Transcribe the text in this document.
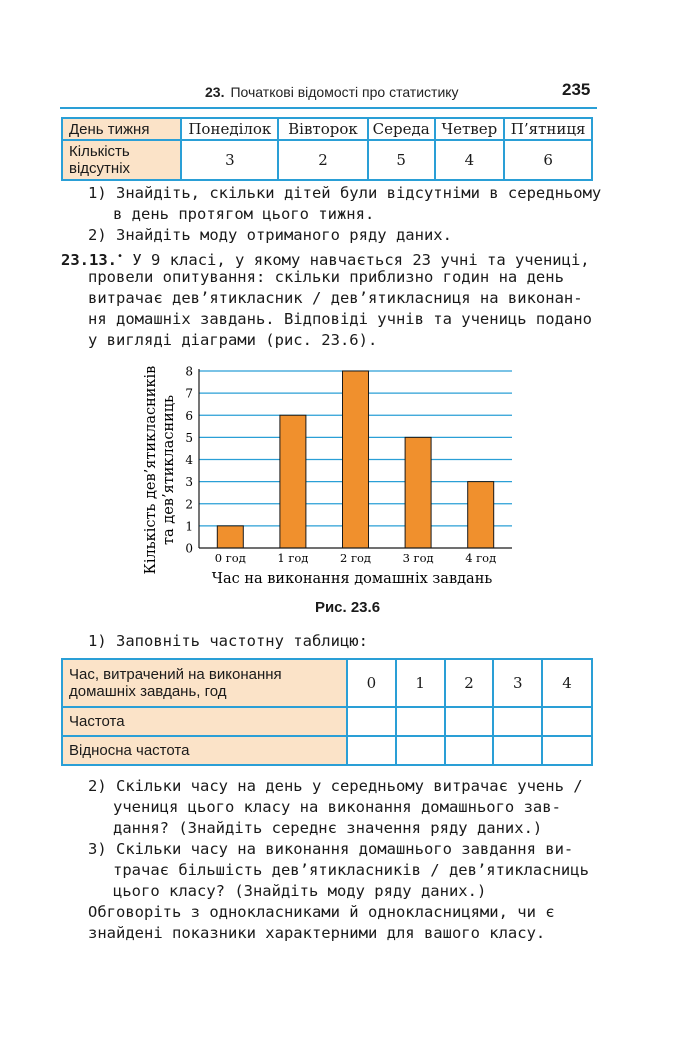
23. Початкові відомості про статистику	235
День тижня	Понеділок	Вівторок	Середа	Четвер	П’ятниця
Кількість відсутніх	3	2	5	4	6
1) Знайдіть, скільки дітей були відсутніми в середньому
в день протягом цього тижня.
2) Знайдіть моду отриманого ряду даних.
23.13.• У 9 класі, у якому навчається 23 учні та учениці,
провели опитування: скільки приблизно годин на день
витрачає дев’ятикласник / дев’ятикласниця на виконан-
ня домашніх завдань. Відповіді учнів та учениць подано
у вигляді діаграми (рис. 23.6).
0
1
2
3
4
5
6
7
8
0 год	1 год	2 год	3 год	4 год
Час на виконання домашніх завдань
Кількість дев’ятикласників та дев’ятикласниць
Рис. 23.6
1) Заповніть частотну таблицю:
Час, витрачений на виконання
домашніх завдань, год	0	1	2	3	4
Частота					
Відносна частота					
2) Скільки часу на день у середньому витрачає учень /
учениця цього класу на виконання домашнього зав-
дання? (Знайдіть середнє значення ряду даних.)
3) Скільки часу на виконання домашнього завдання ви-
трачає більшість дев’ятикласників / дев’ятикласниць
цього класу? (Знайдіть моду ряду даних.)
Обговоріть з однокласниками й однокласницями, чи є
знайдені показники характерними для вашого класу.
